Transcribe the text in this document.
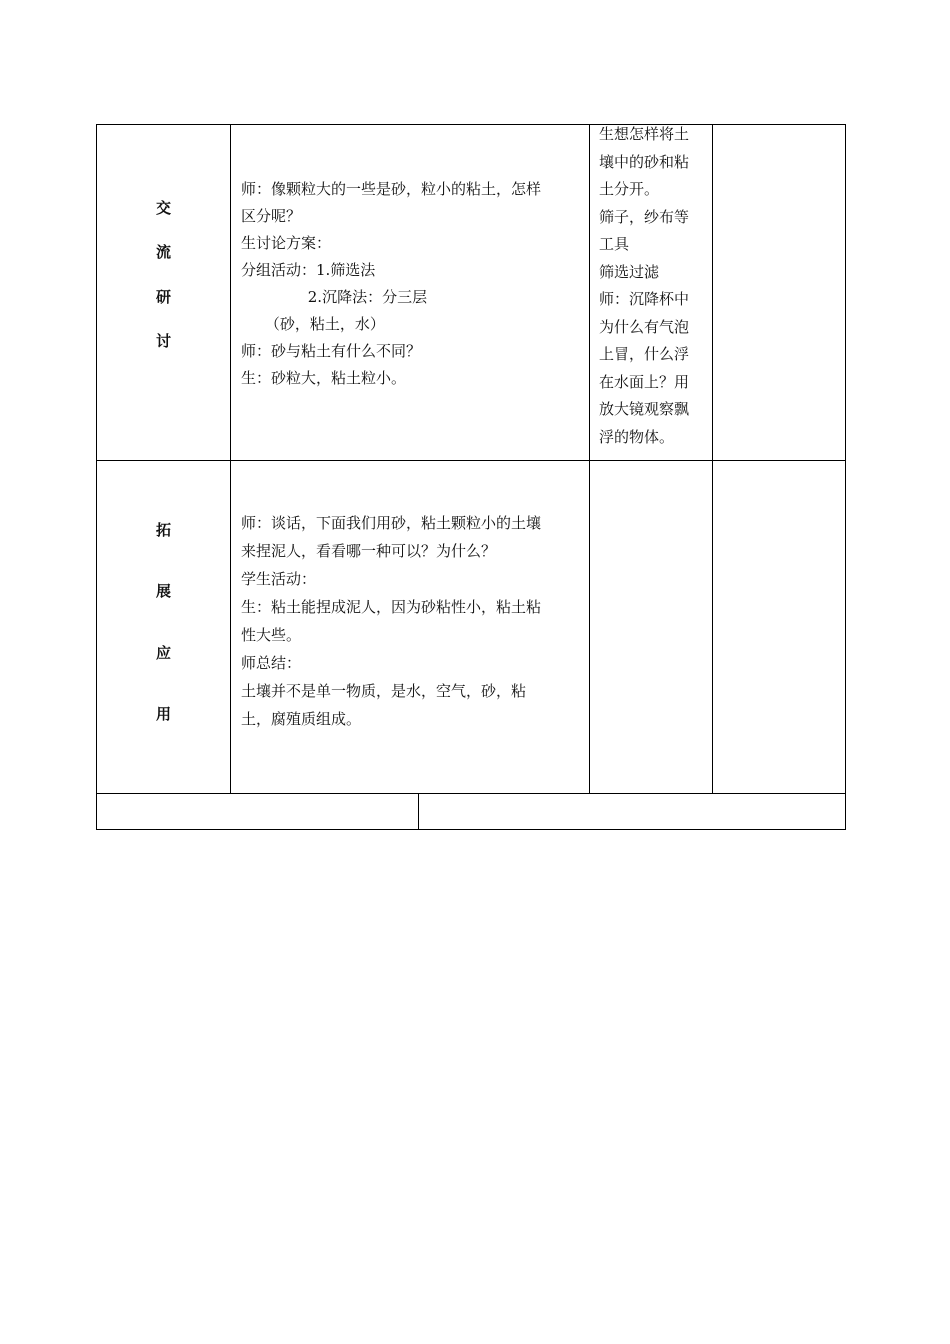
交
流
研
讨
师：像颗粒大的一些是砂，粒小的粘土，怎样
区分呢？
生讨论方案：
分组活动：1.筛选法
2.沉降法：分三层
（砂，粘土，水）
师：砂与粘土有什么不同？
生：砂粒大，粘土粒小。
生想怎样将土
壤中的砂和粘
土分开。
筛子，纱布等
工具
筛选过滤
师：沉降杯中
为什么有气泡
上冒，什么浮
在水面上？用
放大镜观察飘
浮的物体。
拓
展
应
用
师：谈话，下面我们用砂，粘土颗粒小的土壤
来捏泥人，看看哪一种可以？为什么？
学生活动：
生：粘土能捏成泥人，因为砂粘性小，粘土粘
性大些。
师总结：
土壤并不是单一物质，是水，空气，砂，粘
土，腐殖质组成。
